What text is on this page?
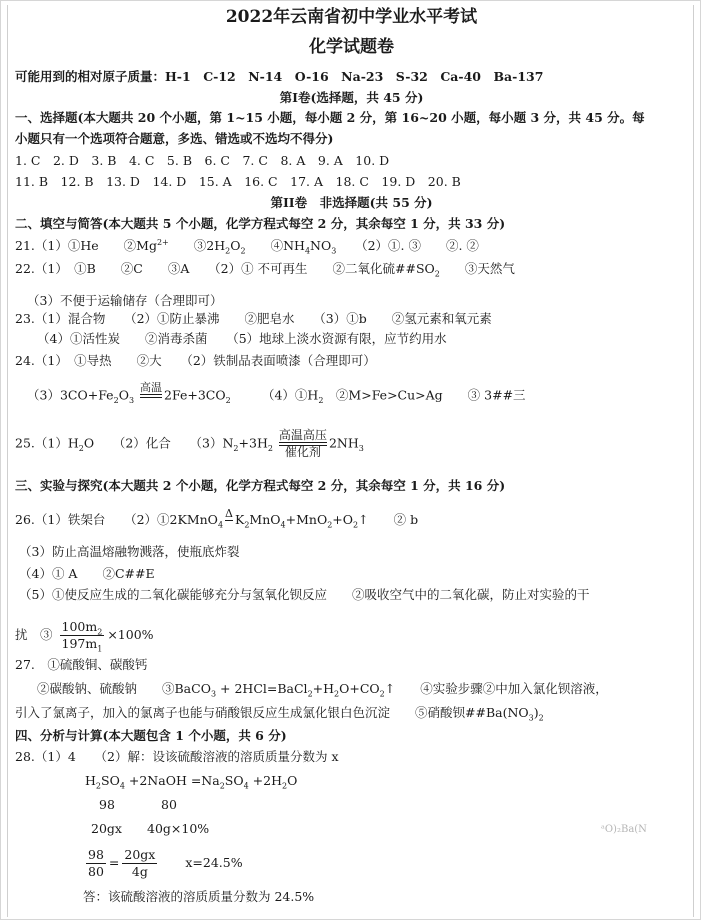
2022年云南省初中学业水平考试
化学试题卷
可能用到的相对原子质量：H-1　C-12　N-14　O-16　Na-23　S-32　Ca-40　Ba-137
第Ⅰ卷(选择题，共 45 分)
一、选择题(本大题共 20 个小题，第 1~15 小题，每小题 2 分，第 16~20 小题，每小题 3 分，共 45 分。每
小题只有一个选项符合题意，多选、错选或不选均不得分)
1. C　2. D　3. B　4. C　5. B　6. C　7. C　8. A　9. A　10. D
11. B　12. B　13. D　14. D　15. A　16. C　17. A　18. C　19. D　20. B
第II卷　非选择题(共 55 分)
二、填空与简答(本大题共 5 个小题，化学方程式每空 2 分，其余每空 1 分，共 33 分)
21.（1）①He　　 $②Mg^{2+}$　　 $③2H_2O_2$　　 $④NH_4NO_3$　　 （2）①. ③　　②. ②
22.（1）　①B　　②C　　③A　　（2）① 不可再生　　②二氧化硫$\#\#SO_2$　　③天然气
（3）不便于运输储存（合理即可）
23.（1）混合物　　（2）①防止暴沸　　②肥皂水　　（3）①b　　②氢元素和氧元素
（4）①活性炭　　②消毒杀菌　　（5）地球上淡水资源有限，应节约用水
24.（1）　①导热　　②大　　（2）铁制品表面喷漆（合理即可）
$(3)3CO+Fe_2O_3$
高温
$2Fe+3CO_2$　　　	$(4)①H_2$　②M>Fe>Cu>Ag　　③ 3##三
$25.(1)H_2O$　　（2）化合　　$(3)N_2+3H_2$
高温高压
催化剂
$2NH_3$
三、实验与探究(本大题共 2 个小题，化学方程式每空 2 分，其余每空 1 分，共 16 分)
26.（1）铁架台　　（2）①2KMnO$_4$
Δ
$K_2MnO_4+MnO_2+O_2↑$　　② b
（3）防止高温熔融物溅落，使瓶底炸裂
（4）① A　　②C##E
（5）①使反应生成的二氧化碳能够充分与氢氧化钡反应　　②吸收空气中的二氧化碳，防止对实验的干
扰　③ $\frac{100m_2}{197m_1} \times 100\%$
27.　①硫酸铜、碳酸钙
②碳酸钠、硫酸钠　　③BaCO$_3$ + $2HCl=BaCl_2+H_2O+CO_2↑$　　④实验步骤②中加入氯化钡溶液，
引入了氯离子，加入的氯离子也能与硝酸银反应生成氯化银白色沉淀　　⑤硝酸钡$\#\#Ba(NO_3)_2$
四、分析与计算(本大题包含 1 个小题，共 6 分)
28.（1）4　　（2）解：设该硫酸溶液的溶质质量分数为 x
$H_2SO_4$ +2NaOH $=Na_2SO_4 +2H_2O$
98	80
20gx 40g×10%
$\frac{98}{80} = \frac{20gx}{4g}$
　　 x=24.5%
答：该硫酸溶液的溶质质量分数为 24.5%
ᵃO)₂Ba(N
